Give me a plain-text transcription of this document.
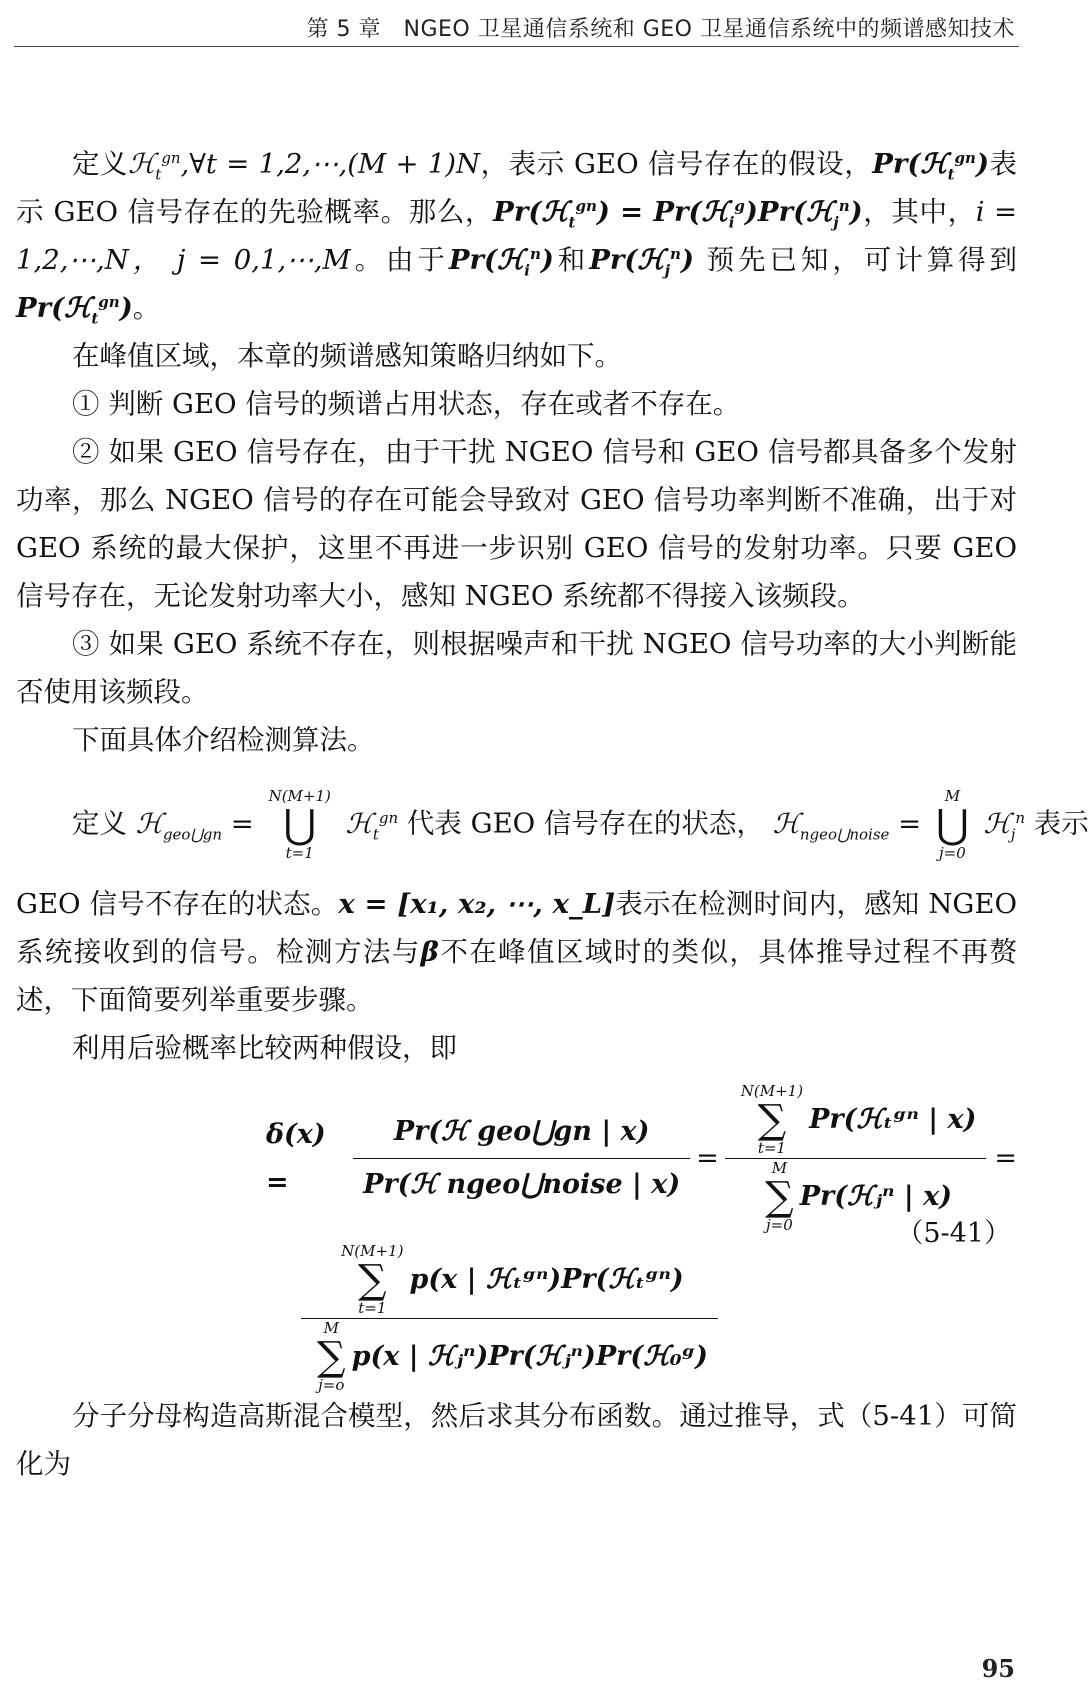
第 5 章　NGEO 卫星通信系统和 GEO 卫星通信系统中的频谱感知技术

定义ℋ$_t^{gn}$,∀t = 1,2,⋯,(M + 1)N，表示 GEO 信号存在的假设，Pr(ℋ$_t^{gn}$)表示 GEO 信号存在的先验概率。那么，Pr(ℋ$_t^{gn}$) = Pr(ℋ$_i^g$)Pr(ℋ$_j^n$)，其中，i = 1,2,⋯,N， j = 0,1,⋯,M。由于Pr(ℋ$_i^n$)和Pr(ℋ$_j^n$) 预先已知，可计算得到Pr(ℋ$_t^{gn}$)。

在峰值区域，本章的频谱感知策略归纳如下。

① 判断 GEO 信号的频谱占用状态，存在或者不存在。

② 如果 GEO 信号存在，由于干扰 NGEO 信号和 GEO 信号都具备多个发射功率，那么 NGEO 信号的存在可能会导致对 GEO 信号功率判断不准确，出于对 GEO 系统的最大保护，这里不再进一步识别 GEO 信号的发射功率。只要 GEO 信号存在，无论发射功率大小，感知 NGEO 系统都不得接入该频段。

③ 如果 GEO 系统不存在，则根据噪声和干扰 NGEO 信号功率的大小判断能否使用该频段。

下面具体介绍检测算法。

定义 ℋ$_{geo⋃gn}$ =
N(M+1)
⋃
t=1
ℋ$_t^{gn}$ 代表 GEO 信号存在的状态， ℋ$_{ngeo⋃noise}$ =
M
⋃
j=0
ℋ$_j^n$ 表示

GEO 信号不存在的状态。x = [x₁, x₂, ⋯, x_L]表示在检测时间内，感知 NGEO 系统接收到的信号。检测方法与β不在峰值区域时的类似，具体推导过程不再赘述，下面简要列举重要步骤。

利用后验概率比较两种假设，即

δ(x) =	$\frac{\text{Pr(ℋ geo⋃gn | x)}}{\text{Pr(ℋ ngeo⋃noise | x)}} = N(M+1)$
∑
t=1
Pr(ℋₜᵍⁿ | x)
M
∑
j=0
Pr(ℋⱼⁿ | x) =
N(M+1)
∑
t=1
p(x | ℋₜᵍⁿ)Pr(ℋₜᵍⁿ)
M
∑
j=o
p(x | ℋⱼⁿ)Pr(ℋⱼⁿ)Pr(ℋ₀ᵍ)
（5-41）

分子分母构造高斯混合模型，然后求其分布函数。通过推导，式（5-41）可简化为

95
